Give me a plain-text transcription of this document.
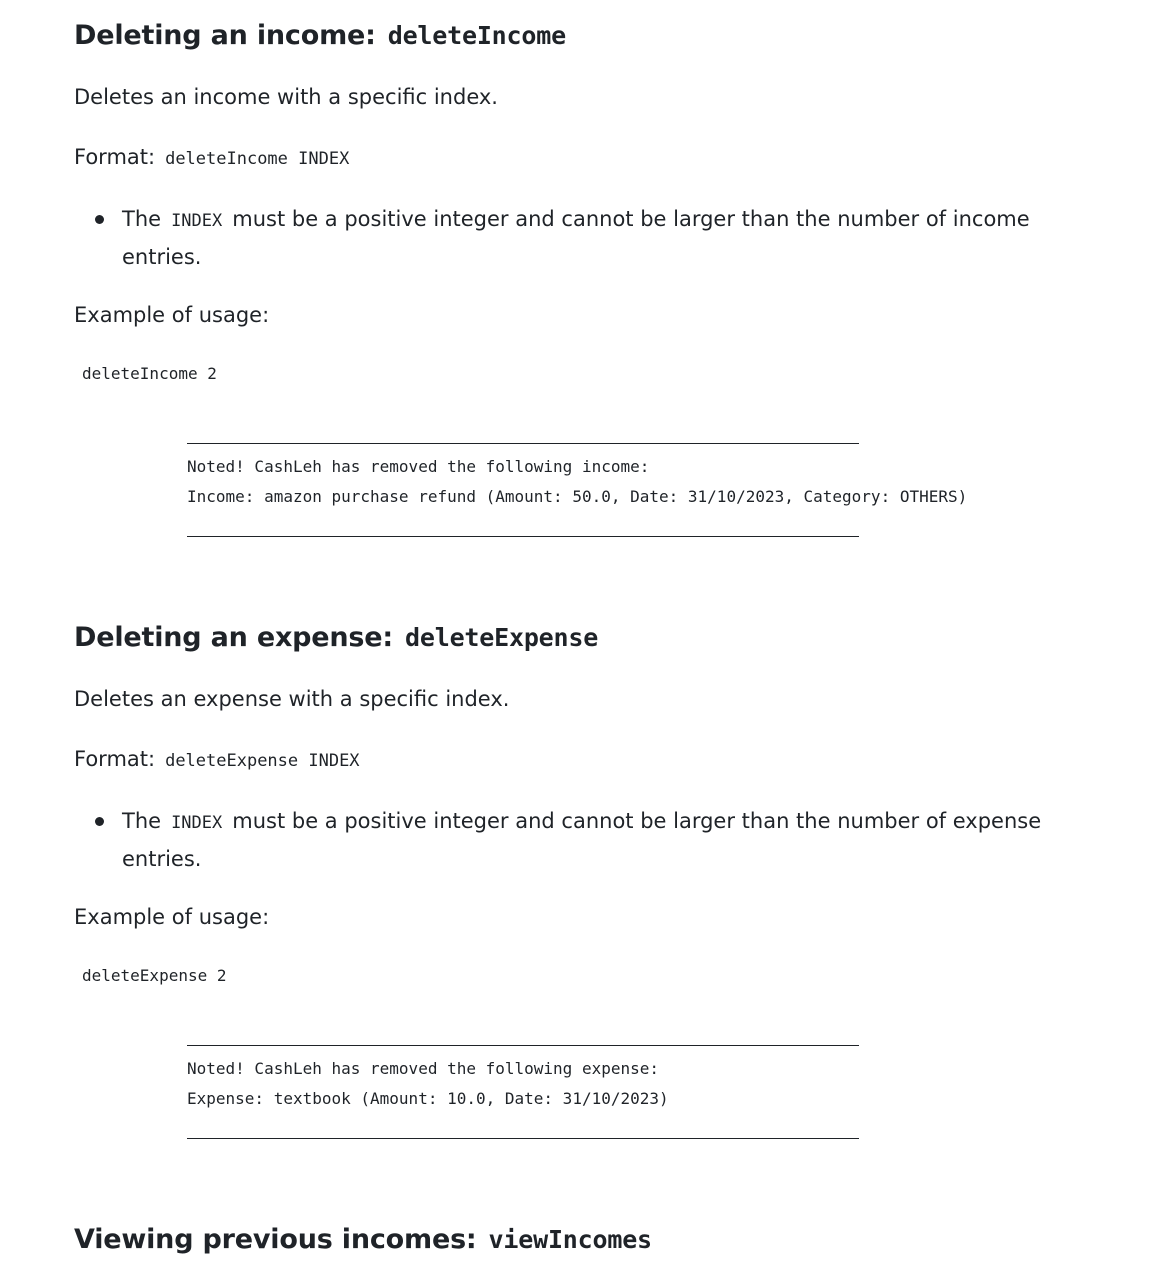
Deleting an income: deleteIncome

Deletes an income with a specific index.

Format: deleteIncome INDEX

The INDEX must be a positive integer and cannot be larger than the number of income entries.

Example of usage:

deleteIncome 2
Noted! CashLeh has removed the following income:
Income: amazon purchase refund (Amount: 50.0, Date: 31/10/2023, Category: OTHERS)
Deleting an expense: deleteExpense

Deletes an expense with a specific index.

Format: deleteExpense INDEX

The INDEX must be a positive integer and cannot be larger than the number of expense entries.

Example of usage:

deleteExpense 2
Noted! CashLeh has removed the following expense:
Expense: textbook (Amount: 10.0, Date: 31/10/2023)
Viewing previous incomes: viewIncomes
